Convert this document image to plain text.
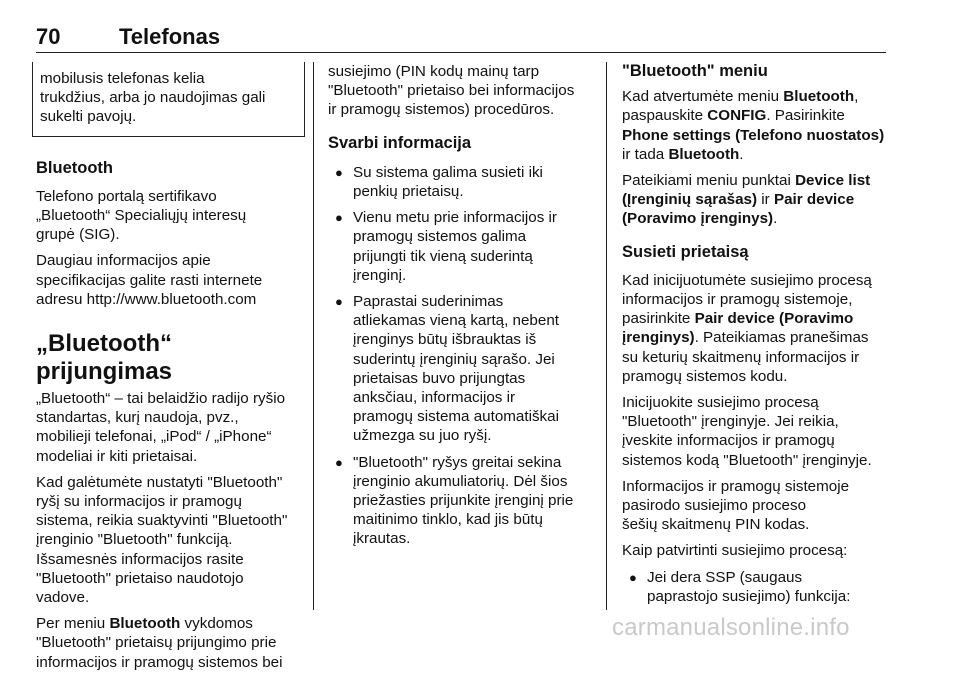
70	Telefonas
mobilusis telefonas kelia
trukdžius, arba jo naudojimas gali
sukelti pavojų.
Bluetooth

Telefono portalą sertifikavo
„Bluetooth“ Specialiųjų interesų
grupė (SIG).

Daugiau informacijos apie
specifikacijas galite rasti internete
adresu http://www.bluetooth.com

„Bluetooth“ prijungimas

„Bluetooth“ – tai belaidžio radijo ryšio
standartas, kurį naudoja, pvz.,
mobilieji telefonai, „iPod“ / „iPhone“
modeliai ir kiti prietaisai.

Kad galėtumėte nustatyti "Bluetooth"
ryšį su informacijos ir pramogų
sistema, reikia suaktyvinti "Bluetooth"
įrenginio "Bluetooth" funkciją.
Išsamesnės informacijos rasite
"Bluetooth" prietaiso naudotojo
vadove.

Per meniu Bluetooth vykdomos
"Bluetooth" prietaisų prijungimo prie
informacijos ir pramogų sistemos bei

susiejimo (PIN kodų mainų tarp
"Bluetooth" prietaiso bei informacijos
ir pramogų sistemos) procedūros.

Svarbi informacija
● Su sistema galima susieti iki
penkių prietaisų.
● Vienu metu prie informacijos ir
pramogų sistemos galima
prijungti tik vieną suderintą
įrenginį.
● Paprastai suderinimas
atliekamas vieną kartą, nebent
įrenginys būtų išbrauktas iš
suderintų įrenginių sąrašo. Jei
prietaisas buvo prijungtas
anksčiau, informacijos ir
pramogų sistema automatiškai
užmezga su juo ryšį.
● "Bluetooth" ryšys greitai sekina
įrenginio akumuliatorių. Dėl šios
priežasties prijunkite įrenginį prie
maitinimo tinklo, kad jis būtų
įkrautas.
"Bluetooth" meniu

Kad atvertumėte meniu Bluetooth,
paspauskite CONFIG. Pasirinkite
Phone settings (Telefono nuostatos)
ir tada Bluetooth.

Pateikiami meniu punktai Device list
(Įrenginių sąrašas) ir Pair device
(Poravimo įrenginys).

Susieti prietaisą

Kad inicijuotumėte susiejimo procesą
informacijos ir pramogų sistemoje,
pasirinkite Pair device (Poravimo
įrenginys). Pateikiamas pranešimas
su keturių skaitmenų informacijos ir
pramogų sistemos kodu.

Inicijuokite susiejimo procesą
"Bluetooth" įrenginyje. Jei reikia,
įveskite informacijos ir pramogų
sistemos kodą "Bluetooth" įrenginyje.

Informacijos ir pramogų sistemoje
pasirodo susiejimo proceso
šešių skaitmenų PIN kodas.

Kaip patvirtinti susiejimo procesą:

● Jei dera SSP (saugaus
paprastojo susiejimo) funkcija:
carmanualsonline.info
